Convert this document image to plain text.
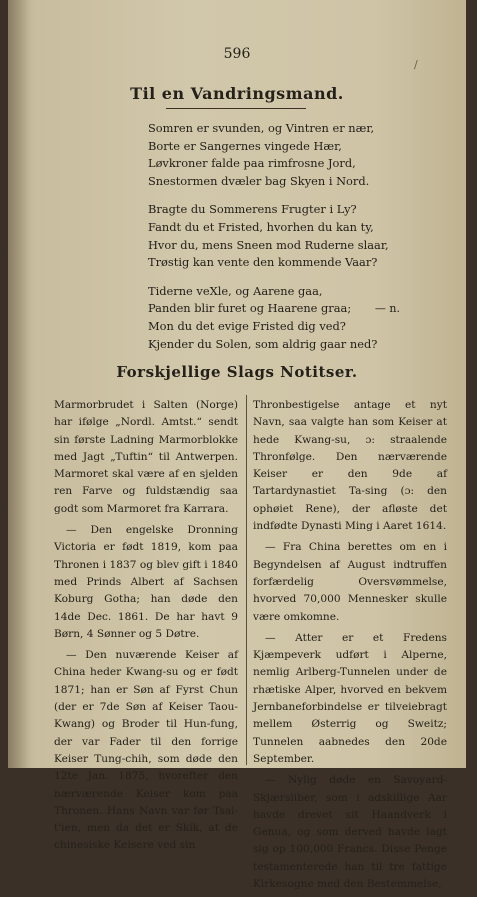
596
/
Til en Vandringsmand.
Somren er svunden, og Vintren er nær,
Borte er Sangernes vingede Hær,
Løvkroner falde paa rimfrosne Jord,
Snestormen dvæler bag Skyen i Nord.
Bragte du Sommerens Frugter i Ly?
Fandt du et Fristed, hvorhen du kan ty,
Hvor du, mens Sneen mod Ruderne slaar,
Trøstig kan vente den kommende Vaar?
Tiderne veXle, og Aarene gaa,
Panden blir furet og Haarene graa;
Mon du det evige Fristed dig ved?
Kjender du Solen, som aldrig gaar ned?
— n.
Forskjellige Slags Notitser.

Marmorbrudet i Salten (Norge) har ifølge „Nordl. Amtst.“ sendt sin første Ladning Marmorblokke med Jagt „Tuftin“ til Antwerpen. Marmoret skal være af en sjelden ren Farve og fuldstændig saa godt som Marmoret fra Karrara.

— Den engelske Dronning Victoria er født 1819, kom paa Thronen i 1837 og blev gift i 1840 med Prinds Albert af Sachsen Koburg Gotha; han døde den 14de Dec. 1861. De har havt 9 Børn, 4 Sønner og 5 Døtre.

— Den nuværende Keiser af China heder Kwang-su og er født 1871; han er Søn af Fyrst Chun (der er 7de Søn af Keiser Taou-Kwang) og Broder til Hun-fung, der var Fader til den forrige Keiser Tung-chih, som døde den 12te Jan. 1875, hvorefter den nærværende Keiser kom paa Thronen. Hans Navn var før Tsai-t'ien, men da det er Skik, at de chinesiske Keisere ved sin

Thronbestigelse antage et nyt Navn, saa valgte han som Keiser at hede Kwang-su, ɔ: straalende Thronfølge. Den nærværende Keiser er den 9de af Tartardynastiet Ta-sing (ɔ: den ophøiet Rene), der afløste det indfødte Dynasti Ming i Aaret 1614.

— Fra China berettes om en i Begyndelsen af August indtruffen forfærdelig Oversvømmelse, hvorved 70,000 Mennesker skulle være omkomne.

— Atter er et Fredens Kjæmpeverk udført i Alperne, nemlig Arlberg-Tunnelen under de rhætiske Alper, hvorved en bekvem Jernbaneforbindelse er tilveiebragt mellem Østerrig og Sweitz; Tunnelen aabnedes den 20de September.

— Nylig døde en Savoyard-Skjærsliber, som i adskillige Aar havde drevet sit Haandverk i Genua, og som derved havde lagt sig op 100,000 Francs. Disse Penge testamenterede han til tre fattige Kirkesogne med den Bestemmelse,
